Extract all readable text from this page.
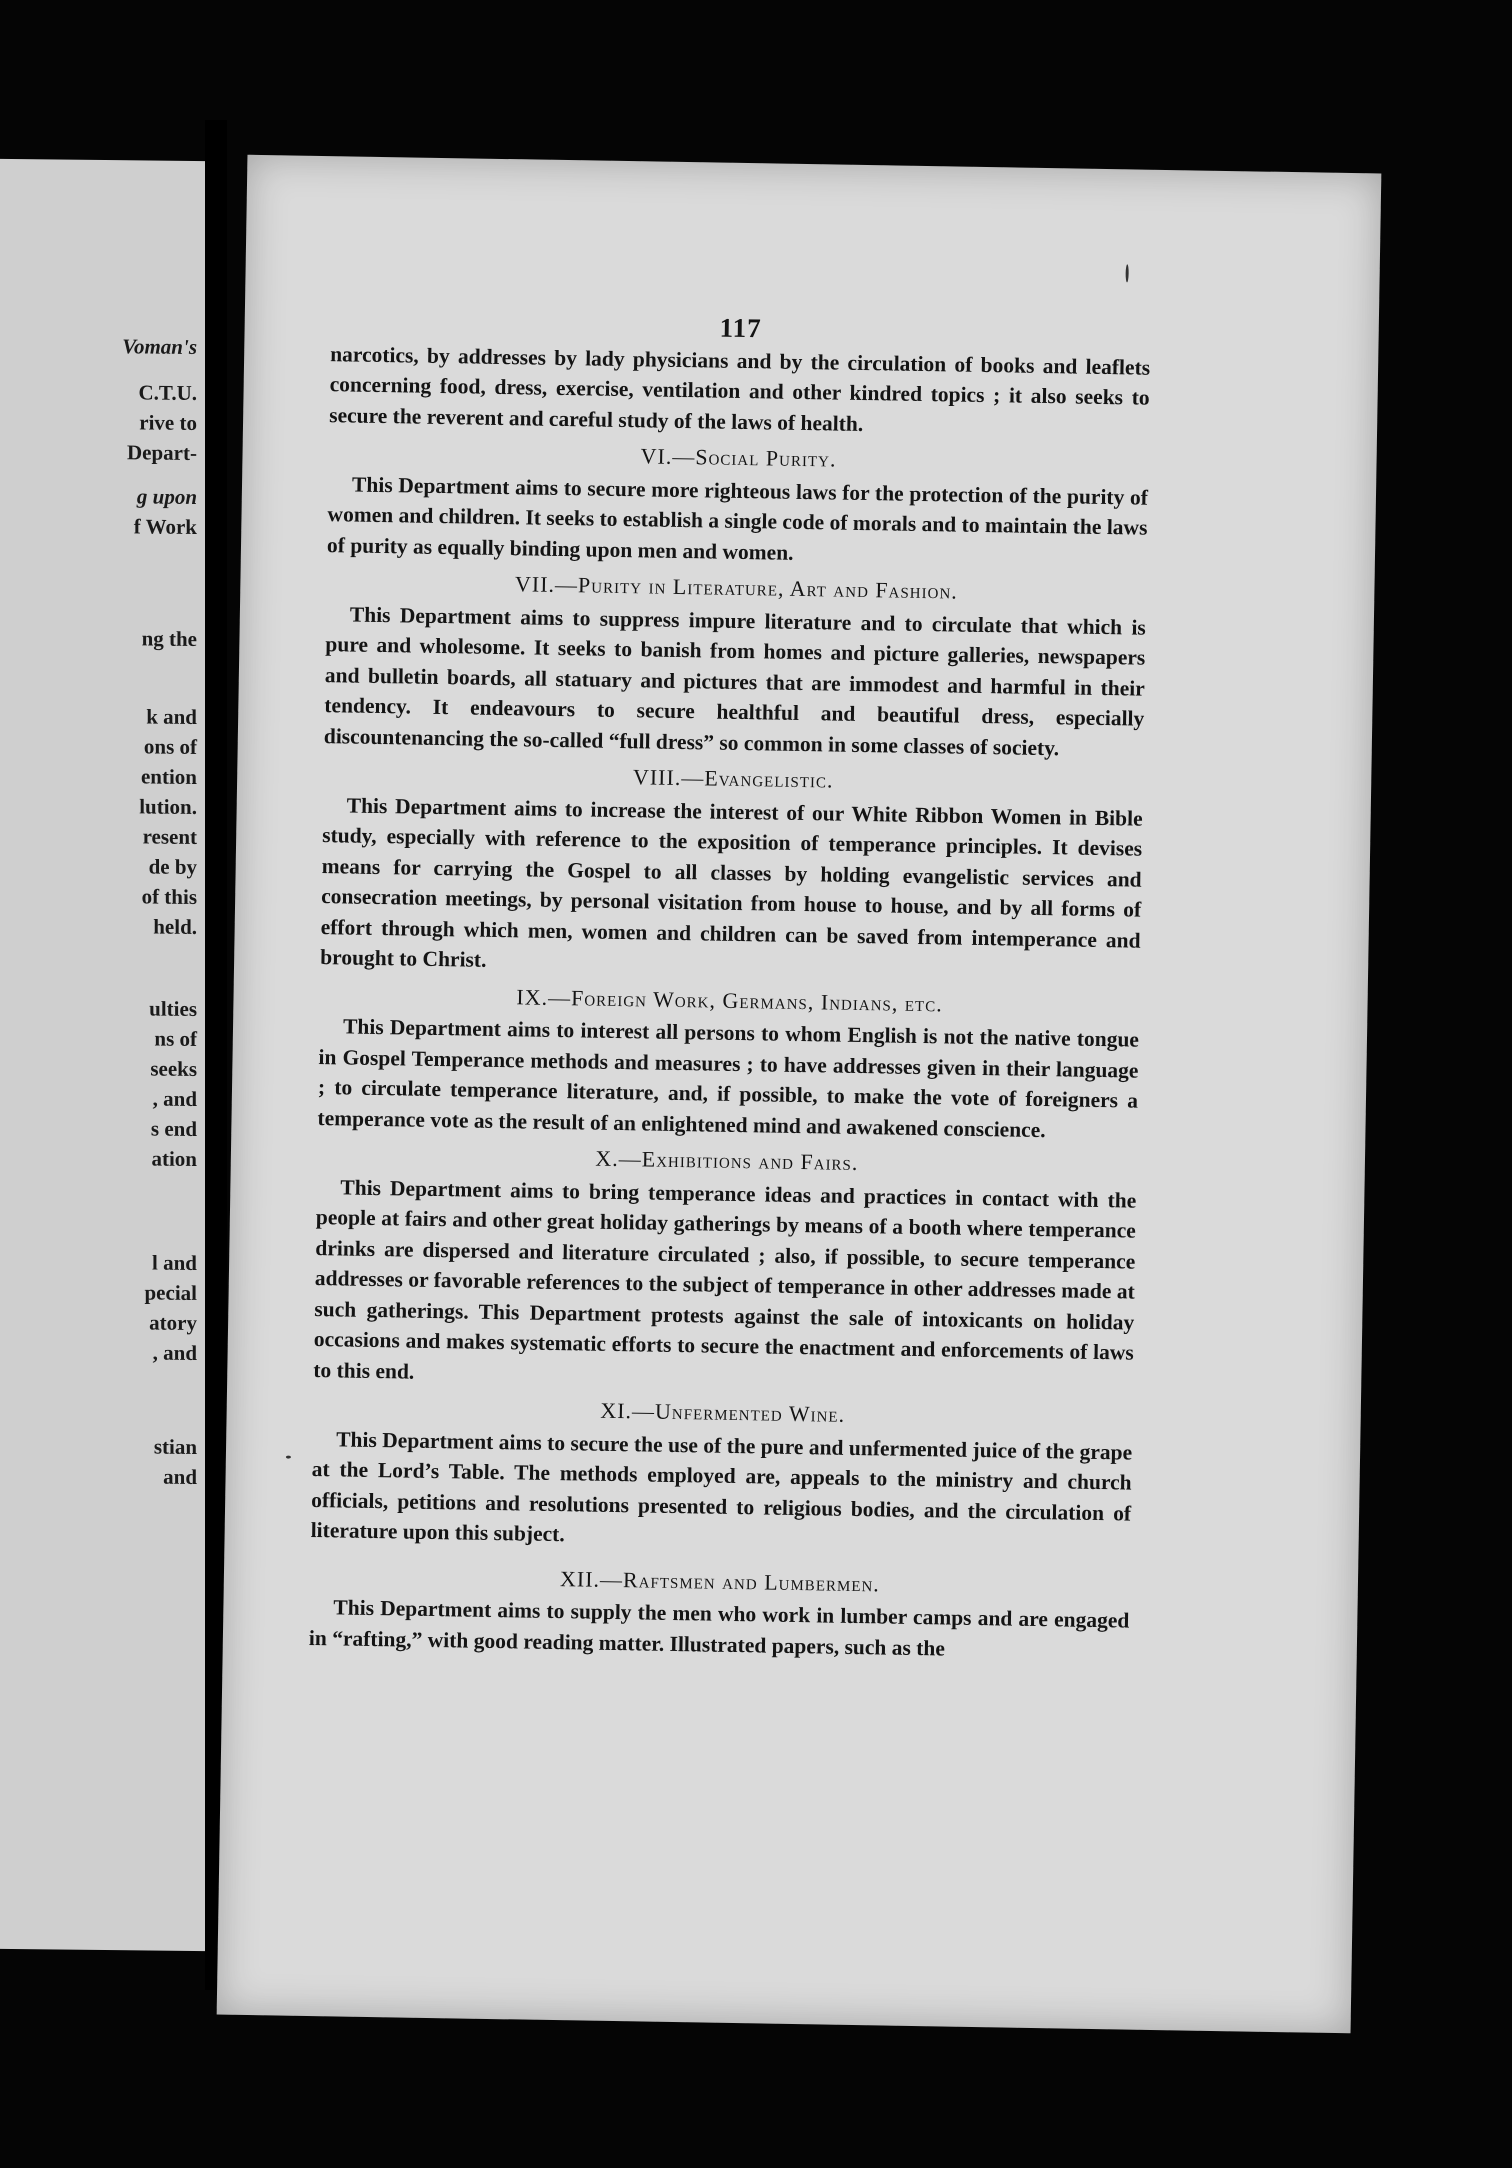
Voman's
C.T.U.
rive to
Depart-
g upon
f Work
ng the
k and
ons of
ention
lution.
resent
de by
of this
held.
ulties
ns of
seeks
, and
s end
ation
l and
pecial
atory
, and
stian
and
117

narcotics, by addresses by lady physicians and by the circulation of books and leaflets concerning food, dress, exercise, ventilation and other kindred topics ; it also seeks to secure the reverent and careful study of the laws of health.

VI.—Social Purity.

This Department aims to secure more righteous laws for the protection of the purity of women and children. It seeks to establish a single code of morals and to maintain the laws of purity as equally binding upon men and women.

VII.—Purity in Literature, Art and Fashion.

This Department aims to suppress impure literature and to circulate that which is pure and wholesome. It seeks to banish from homes and picture galleries, newspapers and bulletin boards, all statuary and pictures that are immodest and harmful in their tendency. It endeavours to secure healthful and beautiful dress, especially discountenancing the so-called “full dress” so common in some classes of society.

VIII.—Evangelistic.

This Department aims to increase the interest of our White Ribbon Women in Bible study, especially with reference to the exposition of temperance principles. It devises means for carrying the Gospel to all classes by holding evangelistic services and consecration meetings, by personal visitation from house to house, and by all forms of effort through which men, women and children can be saved from intemperance and brought to Christ.

IX.—Foreign Work, Germans, Indians, etc.

This Department aims to interest all persons to whom English is not the native tongue in Gospel Temperance methods and measures ; to have addresses given in their language ; to circulate temperance literature, and, if possible, to make the vote of foreigners a temperance vote as the result of an enlightened mind and awakened conscience.

X.—Exhibitions and Fairs.

This Department aims to bring temperance ideas and practices in contact with the people at fairs and other great holiday gatherings by means of a booth where temperance drinks are dispersed and literature circulated ; also, if possible, to secure temperance addresses or favorable references to the subject of temperance in other addresses made at such gatherings. This Department protests against the sale of intoxicants on holiday occasions and makes systematic efforts to secure the enactment and enforcements of laws to this end.

XI.—Unfermented Wine.

This Department aims to secure the use of the pure and unfermented juice of the grape at the Lord’s Table. The methods employed are, appeals to the ministry and church officials, petitions and resolutions presented to religious bodies, and the circulation of literature upon this subject.

XII.—Raftsmen and Lumbermen.

This Department aims to supply the men who work in lumber camps and are engaged in “rafting,” with good reading matter. Illustrated papers, such as the
